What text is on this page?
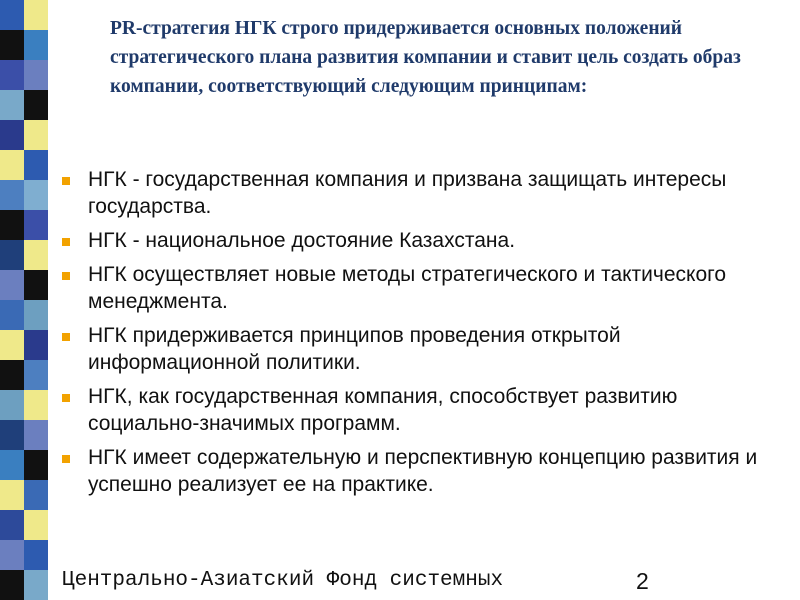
PR-стратегия НГК строго придерживается основных положений стратегического плана развития компании и ставит цель создать образ компании, соответствующий следующим принципам:
НГК - государственная компания и призвана защищать интересы государства.
НГК - национальное достояние Казахстана.
НГК осуществляет новые методы стратегического и тактического менеджмента.
НГК придерживается принципов проведения открытой информационной политики.
НГК, как государственная компания, способствует развитию социально-значимых программ.
НГК имеет содержательную и перспективную концепцию развития и успешно реализует ее на практике.
Центрально-Азиатский Фонд системных	2
